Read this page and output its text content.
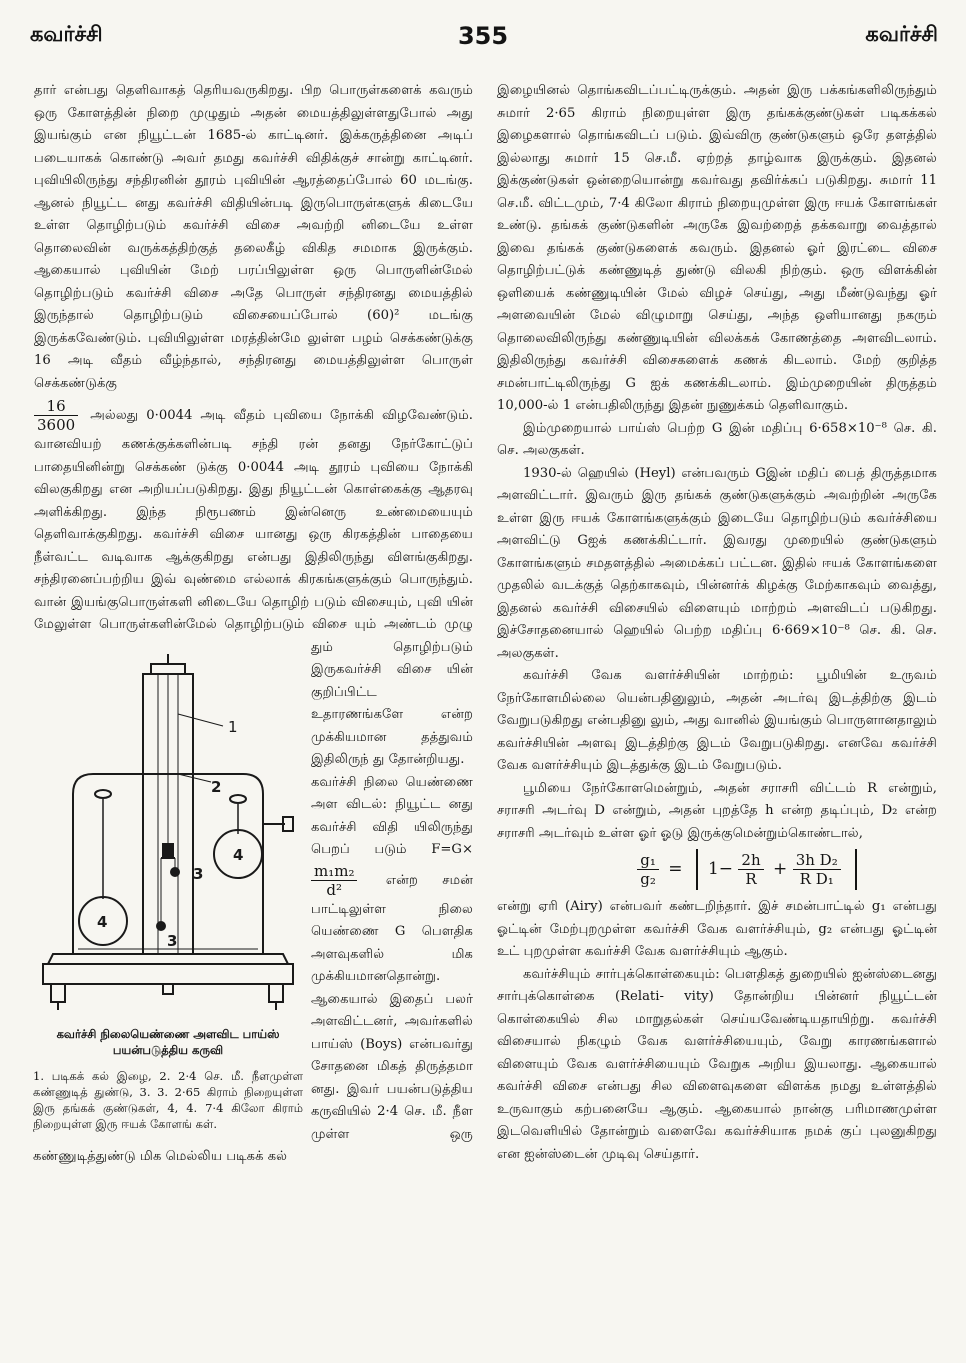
கவர்ச்சி	355	கவர்ச்சி

தார் என்பது தெளிவாகத் தெரியவருகிறது. பிற பொருள்களைக் கவரும் ஒரு கோளத்தின் நிறை முழுதும் அதன் மையத்திலுள்ளதுபோல் அது இயங்கும் என நியூட்டன் 1685-ல் காட்டினர். இக்கருத்தினை அடிப் படையாகக் கொண்டு அவர் தமது கவர்ச்சி விதிக்குச் சான்று காட்டினர். புவியிலிருந்து சந்திரனின் தூரம் புவியின் ஆரத்தைப்போல் 60 மடங்கு. ஆனல் நியூட்ட னது கவர்ச்சி விதியின்படி இருபொருள்களுக் கிடையே உள்ள தொழிற்படும் கவர்ச்சி விசை அவற்றி னிடையே உள்ள தொலைவின் வருக்கத்திற்குத் தலைகீழ் விகித சமமாக இருக்கும். ஆகையால் புவியின் மேற் பரப்பிலுள்ள ஒரு பொருளின்மேல் தொழிற்படும் கவர்ச்சி விசை அதே பொருள் சந்திரனது மையத்தில் இருந்தால் தொழிற்படும் விசையைப்போல் (60)² மடங்கு இருக்கவேண்டும். புவியிலுள்ள மரத்தின்மே லுள்ள பழம் செக்கண்டுக்கு 16 அடி வீதம் வீழ்ந்தால், சந்திரனது மையத்திலுள்ள பொருள் செக்கண்டுக்கு

$\frac{16}{3600}$ அல்லது 0·0044 அடி வீதம் புவியை நோக்கி விழவேண்டும். வானவியற் கணக்குக்களின்படி சந்தி ரன் தனது நேர்கோட்டுப் பாதையினின்று செக்கண் டுக்கு 0·0044 அடி தூரம் புவியை நோக்கி விலகுகிறது என அறியப்படுகிறது. இது நியூட்டன் கொள்கைக்கு ஆதரவு அளிக்கிறது. இந்த நிரூபணம் இன்னெரு உண்மையையும் தெளிவாக்குகிறது. கவர்ச்சி விசை யானது ஒரு கிரகத்தின் பாதையை நீள்வட்ட வடிவாக ஆக்குகிறது என்பது இதிலிருந்து விளங்குகிறது. சந்திரனைப்பற்றிய இவ் வுண்மை எல்லாக் கிரகங்களுக்கும் பொருந்தும். வான் இயங்குபொருள்களி னிடையே தொழிற் படும் விசையும், புவி யின் மேலுள்ள பொருள்களின்மேல் தொழிற்படும் விசை யும் அண்டம் முழு தும் தொழிற்படும் இருகவர்ச்சி விசை யின் குறிப்பிட்ட உதாரணங்களே என்ற முக்கியமான தத்துவம் இதிலிருந் து தோன்றியது.

கவர்ச்சி நிலை யெண்ணை அள விடல்: நியூட்ட னது கவர்ச்சி விதி யிலிருந்து பெறப் படும் F=G×
$\frac{\text{m₁m₂}}{\text{d²}}$ என்ற சமன் பாட்டிலுள்ள நிலை யெண்ணை G பௌதிக அளவுகளில் மிக முக்கியமானதொன்று. ஆகையால் இதைப் பலர் அளவிட்டனர், அவர்களில் பாய்ஸ் (Boys) என்பவர்து சோதனை மிகத் திருத்தமா னது. இவர் பயன்படுத்திய கருவியில் 2·4 செ. மீ. நீள முள்ள ஒரு கண்ணுடித்துண்டு மிக மெல்லிய படிகக் கல்

இழையினல் தொங்கவிடப்பட்டிருக்கும். அதன் இரு பக்கங்களிலிருந்தும் சுமார் 2·65 கிராம் நிறையுள்ள இரு தங்கக்குண்டுகள் படிகக்கல் இழைகளால் தொங்கவிடப் படும். இவ்விரு குண்டுகளும் ஒரே தளத்தில் இல்லாது சுமார் 15 செ.மீ. ஏற்றத் தாழ்வாக இருக்கும். இதனல் இக்குண்டுகள் ஒன்றையொன்று கவர்வது தவிர்க்கப் படுகிறது. சுமார் 11 செ.மீ. விட்டமும், 7·4 கிலோ கிராம் நிறையுமுள்ள இரு ஈயக் கோளங்கள் உண்டு. தங்கக் குண்டுகளின் அருகே இவற்றைத் தக்கவாறு வைத்தால் இவை தங்கக் குண்டுகளைக் கவரும். இதனல் ஓர் இரட்டை விசை தொழிற்பட்டுக் கண்ணுடித் துண்டு விலகி நிற்கும். ஒரு விளக்கின் ஒளியைக் கண்ணுடியின் மேல் விழச் செய்து, அது மீண்டுவந்து ஓர் அளவையின் மேல் விழுமாறு செய்து, அந்த ஒளியானது நகரும் தொலைவிலிருந்து கண்ணுடியின் விலக்கக் கோணத்தை அளவிடலாம். இதிலிருந்து கவர்ச்சி விசைகளைக் கணக் கிடலாம். மேற் குறித்த சமன்பாட்டிலிருந்து G ஐக் கணக்கிடலாம். இம்முறையின் திருத்தம் 10,000-ல் 1 என்பதிலிருந்து இதன் நுணுக்கம் தெளிவாகும்.

இம்முறையால் பாய்ஸ் பெற்ற G இன் மதிப்பு 6·658×10⁻⁸ செ. கி. செ. அலகுகள்.

1930-ல் ஹெயில் (Heyl) என்பவரும் Gஇன் மதிப் பைத் திருத்தமாக அளவிட்டார். இவரும் இரு தங்கக் குண்டுகளுக்கும் அவற்றின் அருகே உள்ள இரு ஈயக் கோளங்களுக்கும் இடையே தொழிற்படும் கவர்ச்சியை அளவிட்டு Gஐக் கணக்கிட்டார். இவரது முறையில் குண்டுகளும் கோளங்களும் சமதளத்தில் அமைக்கப் பட்டன. இதில் ஈயக் கோளங்களை முதலில் வடக்குத் தெற்காகவும், பின்னர்க் கிழக்கு மேற்காகவும் வைத்து, இதனல் கவர்ச்சி விசையில் விளையும் மாற்றம் அளவிடப் படுகிறது. இச்சோதனையால் ஹெயில் பெற்ற மதிப்பு 6·669×10⁻⁸ செ. கி. செ. அலகுகள்.

கவர்ச்சி வேக வளர்ச்சியின் மாற்றம்: பூமியின் உருவம் நேர்கோளமில்லை யென்பதினுலும், அதன் அடர்வு இடத்திற்கு இடம் வேறுபடுகிறது என்பதினு லும், அது வானில் இயங்கும் பொருளானதாலும் கவர்ச்சியின் அளவு இடத்திற்கு இடம் வேறுபடுகிறது. எனவே கவர்ச்சி வேக வளர்ச்சியும் இடத்துக்கு இடம் வேறுபடும்.

பூமியை நேர்கோளமென்றும், அதன் சராசரி விட்டம் R என்றும், சராசரி அடர்வு D என்றும், அதன் புறத்தே h என்ற தடிப்பும், D₂ என்ற சராசரி அடர்வும் உள்ள ஓர் ஓடு இருக்குமென்றும்கொண்டால்,

$\frac{\text{g₁}}{\text{g₂}} = 1- \frac{2h}{R} + \frac{\text{3h D₂}}{\text{R D₁}}$

என்று ஏரி (Airy) என்பவர் கண்டறிந்தார். இச் சமன்பாட்டில் g₁ என்பது ஓட்டின் மேற்புறமுள்ள கவர்ச்சி வேக வளர்ச்சியும், g₂ என்பது ஓட்டின் உட் புறமுள்ள கவர்ச்சி வேக வளர்ச்சியும் ஆகும்.

கவர்ச்சியும் சார்புக்கொள்கையும்: பௌதிகத் துறையில் ஐன்ஸ்டைனது சார்புக்கொள்கை (Relati- vity) தோன்றிய பின்னர் நியூட்டன் கொள்கையில் சில மாறுதல்கள் செய்யவேண்டியதாயிற்று. கவர்ச்சி விசையால் நிகழும் வேக வளர்ச்சியையும், வேறு காரணங்களால் விளையும் வேக வளர்ச்சியையும் வேறுக அறிய இயலாது. ஆகையால் கவர்ச்சி விசை என்பது சில விளைவுகளை விளக்க நமது உள்ளத்தில் உருவாகும் கற்பனையே ஆகும். ஆகையால் நான்கு பரிமாணமுள்ள இடவெளியில் தோன்றும் வளைவே கவர்ச்சியாக நமக் குப் புலனுகிறது என ஐன்ஸ்டைன் முடிவு செய்தார்.

1
2
3
3
4
4
கவர்ச்சி நிலையெண்ணை அளவிட பாய்ஸ் பயன்படுத்திய கருவி
1. படிகக் கல் இழை, 2. 2·4 செ. மீ. நீளமுள்ள கண்ணுடித் துண்டு, 3. 3. 2·65 கிராம் நிறையுள்ள இரு தங்கக் குண்டுகள், 4, 4. 7·4 கிலோ கிராம் நிறையுள்ள இரு ஈயக் கோளங் கள்.
